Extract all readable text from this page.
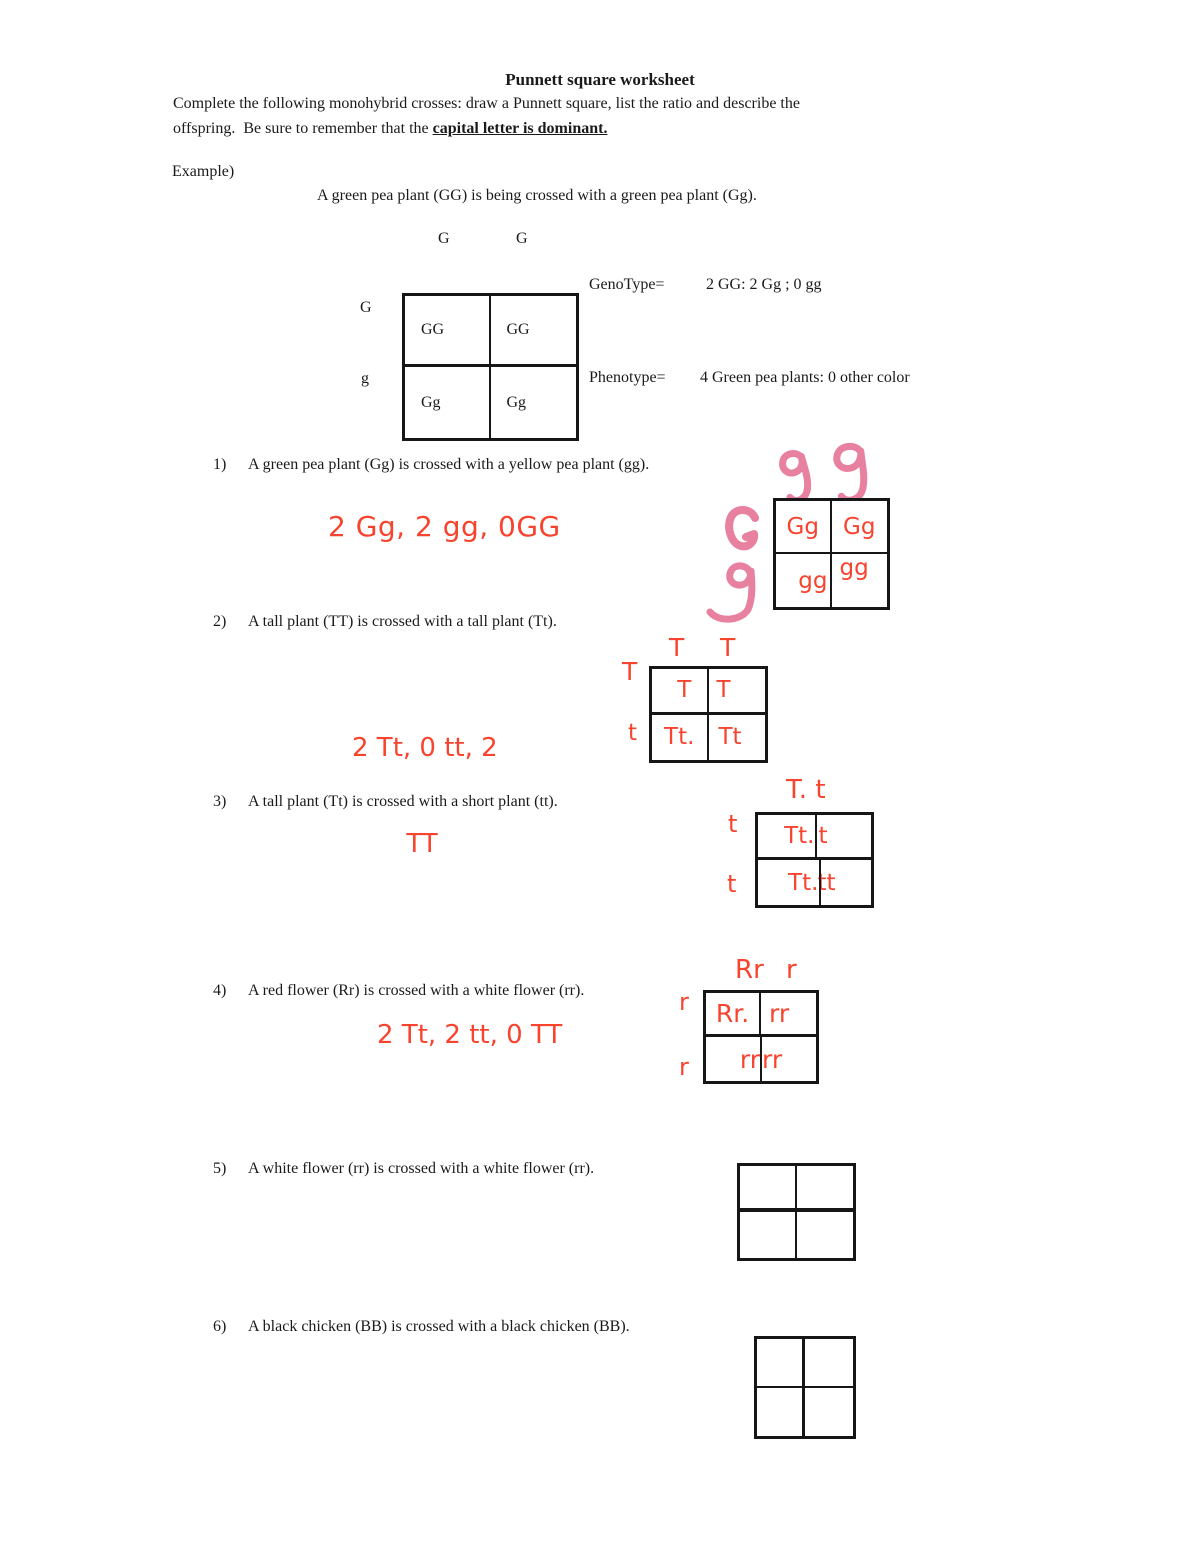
Punnett square worksheet
Complete the following monohybrid crosses: draw a Punnett square, list the ratio and describe the
offspring.  Be sure to remember that the capital letter is dominant.
Example)
A green pea plant (GG) is being crossed with a green pea plant (Gg).
G	G
G
g
GG	GG
Gg	Gg
GenoType=	2 GG: 2 Gg ; 0 gg
Phenotype= 4 Green pea plants: 0 other color
1) A green pea plant (Gg) is crossed with a yellow pea plant (gg).
2 Gg, 2 gg, 0GG	Gg	Gg
gg gg
2) A tall plant (TT) is crossed with a tall plant (Tt).

2 Tt, 0 tt, 2

TT

T T
T
t
T	T
Tt.	Tt
3) A tall plant (Tt) is crossed with a short plant (tt).	T. t
t
t
Tt. t
Tt. tt
4) A red flower (Rr) is crossed with a white flower (rr).
2 Tt, 2 tt, 0 TT
Rr r
r
r
Rr. rr
rr rr
5) A white flower (rr) is crossed with a white flower (rr).
6) A black chicken (BB) is crossed with a black chicken (BB).
